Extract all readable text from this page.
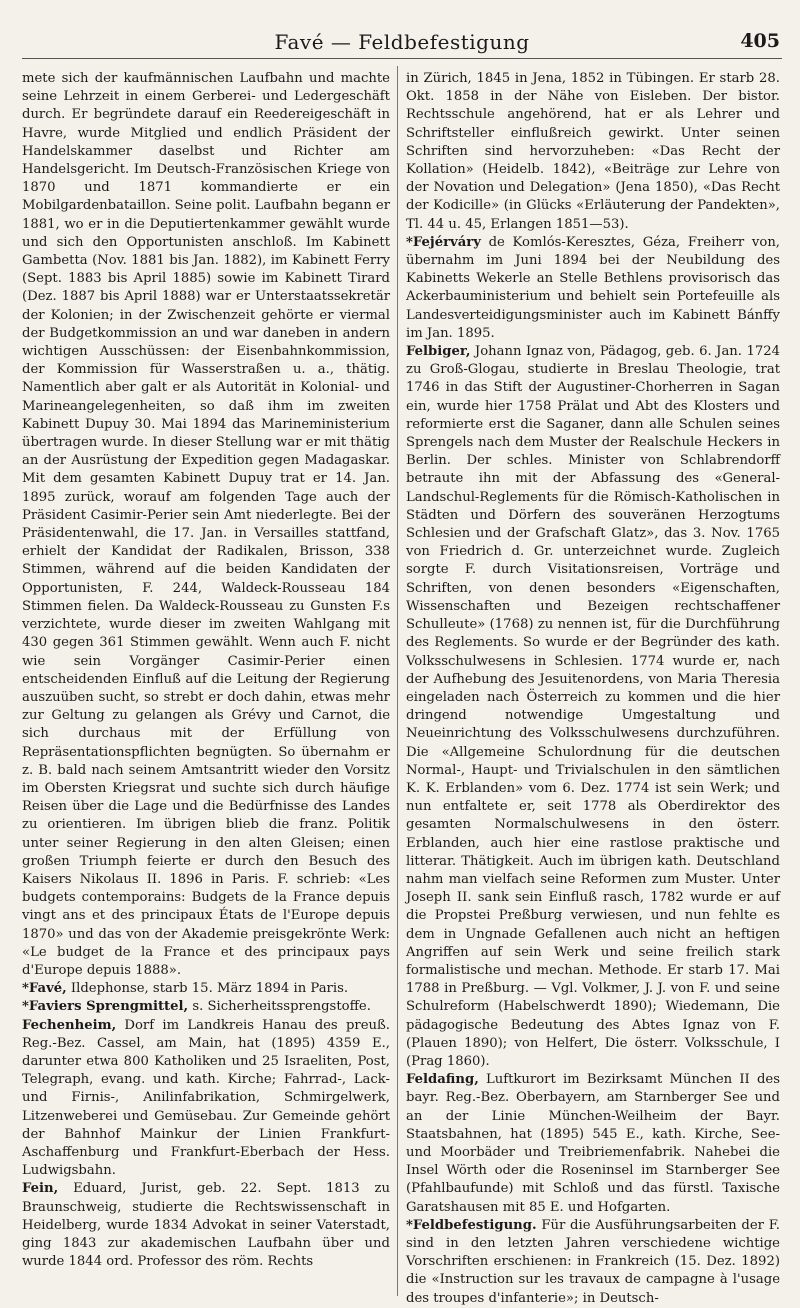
Favé — Feldbefestigung	405

mete sich der kaufmännischen Laufbahn und machte seine Lehrzeit in einem Gerberei- und Ledergeschäft durch. Er begründete darauf ein Reedereigeschäft in Havre, wurde Mitglied und endlich Präsident der Handelskammer daselbst und Richter am Handelsgericht. Im Deutsch-Französischen Kriege von 1870 und 1871 kommandierte er ein Mobilgardenbataillon. Seine polit. Laufbahn begann er 1881, wo er in die Deputiertenkammer gewählt wurde und sich den Opportunisten anschloß. Im Kabinett Gambetta (Nov. 1881 bis Jan. 1882), im Kabinett Ferry (Sept. 1883 bis April 1885) sowie im Kabinett Tirard (Dez. 1887 bis April 1888) war er Unterstaatssekretär der Kolonien; in der Zwischenzeit gehörte er viermal der Budgetkommission an und war daneben in andern wichtigen Ausschüssen: der Eisenbahnkommission, der Kommission für Wasserstraßen u. a., thätig. Namentlich aber galt er als Autorität in Kolonial- und Marineangelegenheiten, so daß ihm im zweiten Kabinett Dupuy 30. Mai 1894 das Marineministerium übertragen wurde. In dieser Stellung war er mit thätig an der Ausrüstung der Expedition gegen Madagaskar. Mit dem gesamten Kabinett Dupuy trat er 14. Jan. 1895 zurück, worauf am folgenden Tage auch der Präsident Casimir-Perier sein Amt niederlegte. Bei der Präsidentenwahl, die 17. Jan. in Versailles stattfand, erhielt der Kandidat der Radikalen, Brisson, 338 Stimmen, während auf die beiden Kandidaten der Opportunisten, F. 244, Waldeck-Rousseau 184 Stimmen fielen. Da Waldeck-Rousseau zu Gunsten F.s verzichtete, wurde dieser im zweiten Wahlgang mit 430 gegen 361 Stimmen gewählt. Wenn auch F. nicht wie sein Vorgänger Casimir-Perier einen entscheidenden Einfluß auf die Leitung der Regierung auszuüben sucht, so strebt er doch dahin, etwas mehr zur Geltung zu gelangen als Grévy und Carnot, die sich durchaus mit der Erfüllung von Repräsentationspflichten begnügten. So übernahm er z. B. bald nach seinem Amtsantritt wieder den Vorsitz im Obersten Kriegsrat und suchte sich durch häufige Reisen über die Lage und die Bedürfnisse des Landes zu orientieren. Im übrigen blieb die franz. Politik unter seiner Regierung in den alten Gleisen; einen großen Triumph feierte er durch den Besuch des Kaisers Nikolaus II. 1896 in Paris. F. schrieb: «Les budgets contemporains: Budgets de la France depuis vingt ans et des principaux États de l'Europe depuis 1870» und das von der Akademie preisgekrönte Werk: «Le budget de la France et des principaux pays d'Europe depuis 1888».

*Favé, Ildephonse, starb 15. März 1894 in Paris.

*Faviers Sprengmittel, s. Sicherheitssprengstoffe.

Fechenheim, Dorf im Landkreis Hanau des preuß. Reg.-Bez. Cassel, am Main, hat (1895) 4359 E., darunter etwa 800 Katholiken und 25 Israeliten, Post, Telegraph, evang. und kath. Kirche; Fahrrad-, Lack- und Firnis-, Anilinfabrikation, Schmirgelwerk, Litzenweberei und Gemüsebau. Zur Gemeinde gehört der Bahnhof Mainkur der Linien Frankfurt-Aschaffenburg und Frankfurt-Eberbach der Hess. Ludwigsbahn.

Fein, Eduard, Jurist, geb. 22. Sept. 1813 zu Braunschweig, studierte die Rechtswissenschaft in Heidelberg, wurde 1834 Advokat in seiner Vaterstadt, ging 1843 zur akademischen Laufbahn über und wurde 1844 ord. Professor des röm. Rechts

in Zürich, 1845 in Jena, 1852 in Tübingen. Er starb 28. Okt. 1858 in der Nähe von Eisleben. Der bistor. Rechtsschule angehörend, hat er als Lehrer und Schriftsteller einflußreich gewirkt. Unter seinen Schriften sind hervorzuheben: «Das Recht der Kollation» (Heidelb. 1842), «Beiträge zur Lehre von der Novation und Delegation» (Jena 1850), «Das Recht der Kodicille» (in Glücks «Erläuterung der Pandekten», Tl. 44 u. 45, Erlangen 1851—53).

*Fejérváry de Komlós-Keresztes, Géza, Freiherr von, übernahm im Juni 1894 bei der Neubildung des Kabinetts Wekerle an Stelle Bethlens provisorisch das Ackerbauministerium und behielt sein Portefeuille als Landesverteidigungsminister auch im Kabinett Bánffy im Jan. 1895.

Felbiger, Johann Ignaz von, Pädagog, geb. 6. Jan. 1724 zu Groß-Glogau, studierte in Breslau Theologie, trat 1746 in das Stift der Augustiner-Chorherren in Sagan ein, wurde hier 1758 Prälat und Abt des Klosters und reformierte erst die Saganer, dann alle Schulen seines Sprengels nach dem Muster der Realschule Heckers in Berlin. Der schles. Minister von Schlabrendorff betraute ihn mit der Abfassung des «General-Landschul-Reglements für die Römisch-Katholischen in Städten und Dörfern des souveränen Herzogtums Schlesien und der Grafschaft Glatz», das 3. Nov. 1765 von Friedrich d. Gr. unterzeichnet wurde. Zugleich sorgte F. durch Visitationsreisen, Vorträge und Schriften, von denen besonders «Eigenschaften, Wissenschaften und Bezeigen rechtschaffener Schulleute» (1768) zu nennen ist, für die Durchführung des Reglements. So wurde er der Begründer des kath. Volksschulwesens in Schlesien. 1774 wurde er, nach der Aufhebung des Jesuitenordens, von Maria Theresia eingeladen nach Österreich zu kommen und die hier dringend notwendige Umgestaltung und Neueinrichtung des Volksschulwesens durchzuführen. Die «Allgemeine Schulordnung für die deutschen Normal-, Haupt- und Trivialschulen in den sämtlichen K. K. Erblanden» vom 6. Dez. 1774 ist sein Werk; und nun entfaltete er, seit 1778 als Oberdirektor des gesamten Normalschulwesens in den österr. Erblanden, auch hier eine rastlose praktische und litterar. Thätigkeit. Auch im übrigen kath. Deutschland nahm man vielfach seine Reformen zum Muster. Unter Joseph II. sank sein Einfluß rasch, 1782 wurde er auf die Propstei Preßburg verwiesen, und nun fehlte es dem in Ungnade Gefallenen auch nicht an heftigen Angriffen auf sein Werk und seine freilich stark formalistische und mechan. Methode. Er starb 17. Mai 1788 in Preßburg. — Vgl. Volkmer, J. J. von F. und seine Schulreform (Habelschwerdt 1890); Wiedemann, Die pädagogische Bedeutung des Abtes Ignaz von F. (Plauen 1890); von Helfert, Die österr. Volksschule, I (Prag 1860).

Feldafing, Luftkurort im Bezirksamt München II des bayr. Reg.-Bez. Oberbayern, am Starnberger See und an der Linie München-Weilheim der Bayr. Staatsbahnen, hat (1895) 545 E., kath. Kirche, See- und Moorbäder und Treibriemenfabrik. Nahebei die Insel Wörth oder die Roseninsel im Starnberger See (Pfahlbaufunde) mit Schloß und das fürstl. Taxische Garatshausen mit 85 E. und Hofgarten.

*Feldbefestigung. Für die Ausführungsarbeiten der F. sind in den letzten Jahren verschiedene wichtige Vorschriften erschienen: in Frankreich (15. Dez. 1892) die «Instruction sur les travaux de campagne à l'usage des troupes d'infanterie»; in Deutsch-
